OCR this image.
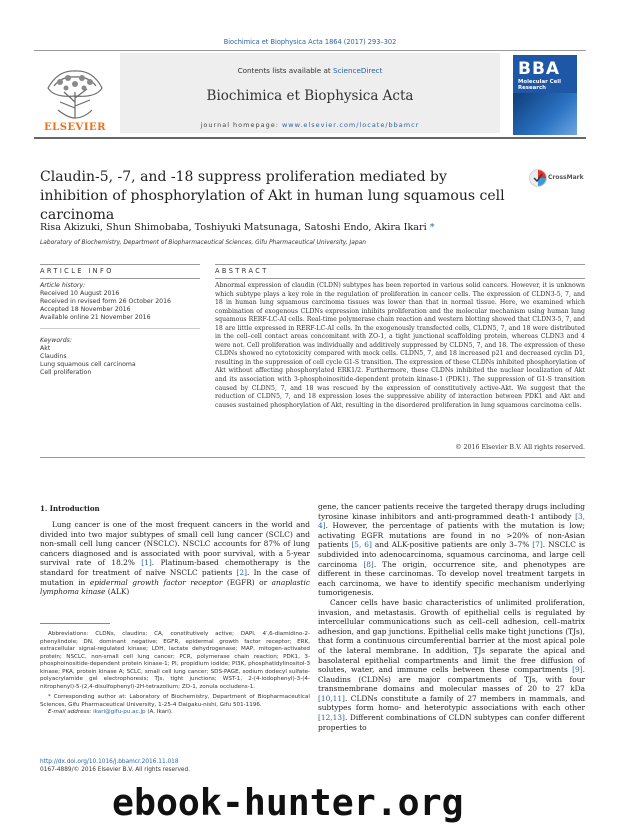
Biochimica et Biophysica Acta 1864 (2017) 293–302
ELSEVIER
Contents lists available at ScienceDirect
Biochimica et Biophysica Acta
journal homepage: www.elsevier.com/locate/bbamcr
BBA
Molecular Cell Research
Claudin-5, -7, and -18 suppress proliferation mediated by inhibition of phosphorylation of Akt in human lung squamous cell carcinoma
CrossMark
Risa Akizuki, Shun Shimobaba, Toshiyuki Matsunaga, Satoshi Endo, Akira Ikari *
Laboratory of Biochemistry, Department of Biopharmaceutical Sciences, Gifu Pharmaceutical University, Japan
ARTICLE INFO
Article history:
Received 10 August 2016
Received in revised form 26 October 2016
Accepted 18 November 2016
Available online 21 November 2016
Keywords:
Akt
Claudins
Lung squamous cell carcinoma
Cell proliferation
ABSTRACT
Abnormal expression of claudin (CLDN) subtypes has been reported in various solid cancers. However, it is unknown which subtype plays a key role in the regulation of proliferation in cancer cells. The expression of CLDN3-5, 7, and 18 in human lung squamous carcinoma tissues was lower than that in normal tissue. Here, we examined which combination of exogenous CLDNs expression inhibits proliferation and the molecular mechanism using human lung squamous RERF-LC-AI cells. Real-time polymerase chain reaction and western blotting showed that CLDN3-5, 7, and 18 are little expressed in RERF-LC-AI cells. In the exogenously transfected cells, CLDN5, 7, and 18 were distributed in the cell–cell contact areas concomitant with ZO-1, a tight junctional scaffolding protein, whereas CLDN3 and 4 were not. Cell proliferation was individually and additively suppressed by CLDN5, 7, and 18. The expression of these CLDNs showed no cytotoxicity compared with mock cells. CLDN5, 7, and 18 increased p21 and decreased cyclin D1, resulting in the suppression of cell cycle G1-S transition. The expression of these CLDNs inhibited phosphorylation of Akt without affecting phosphorylated ERK1/2. Furthermore, these CLDNs inhibited the nuclear localization of Akt and its association with 3-phosphoinositide-dependent protein kinase-1 (PDK1). The suppression of G1-S transition caused by CLDN5, 7, and 18 was rescued by the expression of constitutively active-Akt. We suggest that the reduction of CLDN5, 7, and 18 expression loses the suppressive ability of interaction between PDK1 and Akt and causes sustained phosphorylation of Akt, resulting in the disordered proliferation in lung squamous carcinoma cells.
© 2016 Elsevier B.V. All rights reserved.
1. Introduction
Lung cancer is one of the most frequent cancers in the world and divided into two major subtypes of small cell lung cancer (SCLC) and non-small cell lung cancer (NSCLC). NSCLC accounts for 87% of lung cancers diagnosed and is associated with poor survival, with a 5-year survival rate of 18.2% [1]. Platinum-based chemotherapy is the standard for treatment of naïve NSCLC patients [2]. In the case of mutation in epidermal growth factor receptor (EGFR) or anaplastic lymphoma kinase (ALK)
Abbreviations: CLDNs, claudins; CA, constitutively active; DAPI, 4′,6-diamidino-2-phenylindole; DN, dominant negative; EGFR, epidermal growth factor receptor; ERK, extracellular signal-regulated kinase; LDH, lactate dehydrogenase; MAP, mitogen-activated protein; NSCLC, non-small cell lung cancer; PCR, polymerase chain reaction; PDK1, 3-phosphoinositide-dependent protein kinase-1; PI, propidium iodide; PI3K, phosphatidylinositol-3 kinase; PKA, protein kinase A; SCLC, small cell lung cancer; SDS-PAGE, sodium dodecyl sulfate-polyacrylamide gel electrophoresis; TJs, tight junctions; WST-1, 2-(4-iodophenyl)-3-(4-nitrophenyl)-5-(2,4-disulfophenyl)-2H-tetrazolium; ZO-1, zonula occludens-1.
* Corresponding author at: Laboratory of Biochemistry, Department of Biopharmaceutical Sciences, Gifu Pharmaceutical University, 1-25-4 Daigaku-nishi, Gifu 501-1196.
E-mail address: ikari@gifu-pu.ac.jp (A. Ikari).
gene, the cancer patients receive the targeted therapy drugs including tyrosine kinase inhibitors and anti-programmed death-1 antibody [3, 4]. However, the percentage of patients with the mutation is low; activating EGFR mutations are found in no >20% of non-Asian patients [5, 6] and ALK-positive patients are only 3–7% [7]. NSCLC is subdivided into adenocarcinoma, squamous carcinoma, and large cell carcinoma [8]. The origin, occurrence site, and phenotypes are different in these carcinomas. To develop novel treatment targets in each carcinoma, we have to identify specific mechanism underlying tumorigenesis.
Cancer cells have basic characteristics of unlimited proliferation, invasion, and metastasis. Growth of epithelial cells is regulated by intercellular communications such as cell–cell adhesion, cell–matrix adhesion, and gap junctions. Epithelial cells make tight junctions (TJs), that form a continuous circumferential barrier at the most apical pole of the lateral membrane. In addition, TJs separate the apical and basolateral epithelial compartments and limit the free diffusion of solutes, water, and immune cells between these compartments [9]. Claudins (CLDNs) are major compartments of TJs, with four transmembrane domains and molecular masses of 20 to 27 kDa [10,11]. CLDNs constitute a family of 27 members in mammals, and subtypes form homo- and heterotypic associations with each other [12,13]. Different combinations of CLDN subtypes can confer different properties to
http://dx.doi.org/10.1016/j.bbamcr.2016.11.018
0167-4889/© 2016 Elsevier B.V. All rights reserved.
ebook-hunter.org
